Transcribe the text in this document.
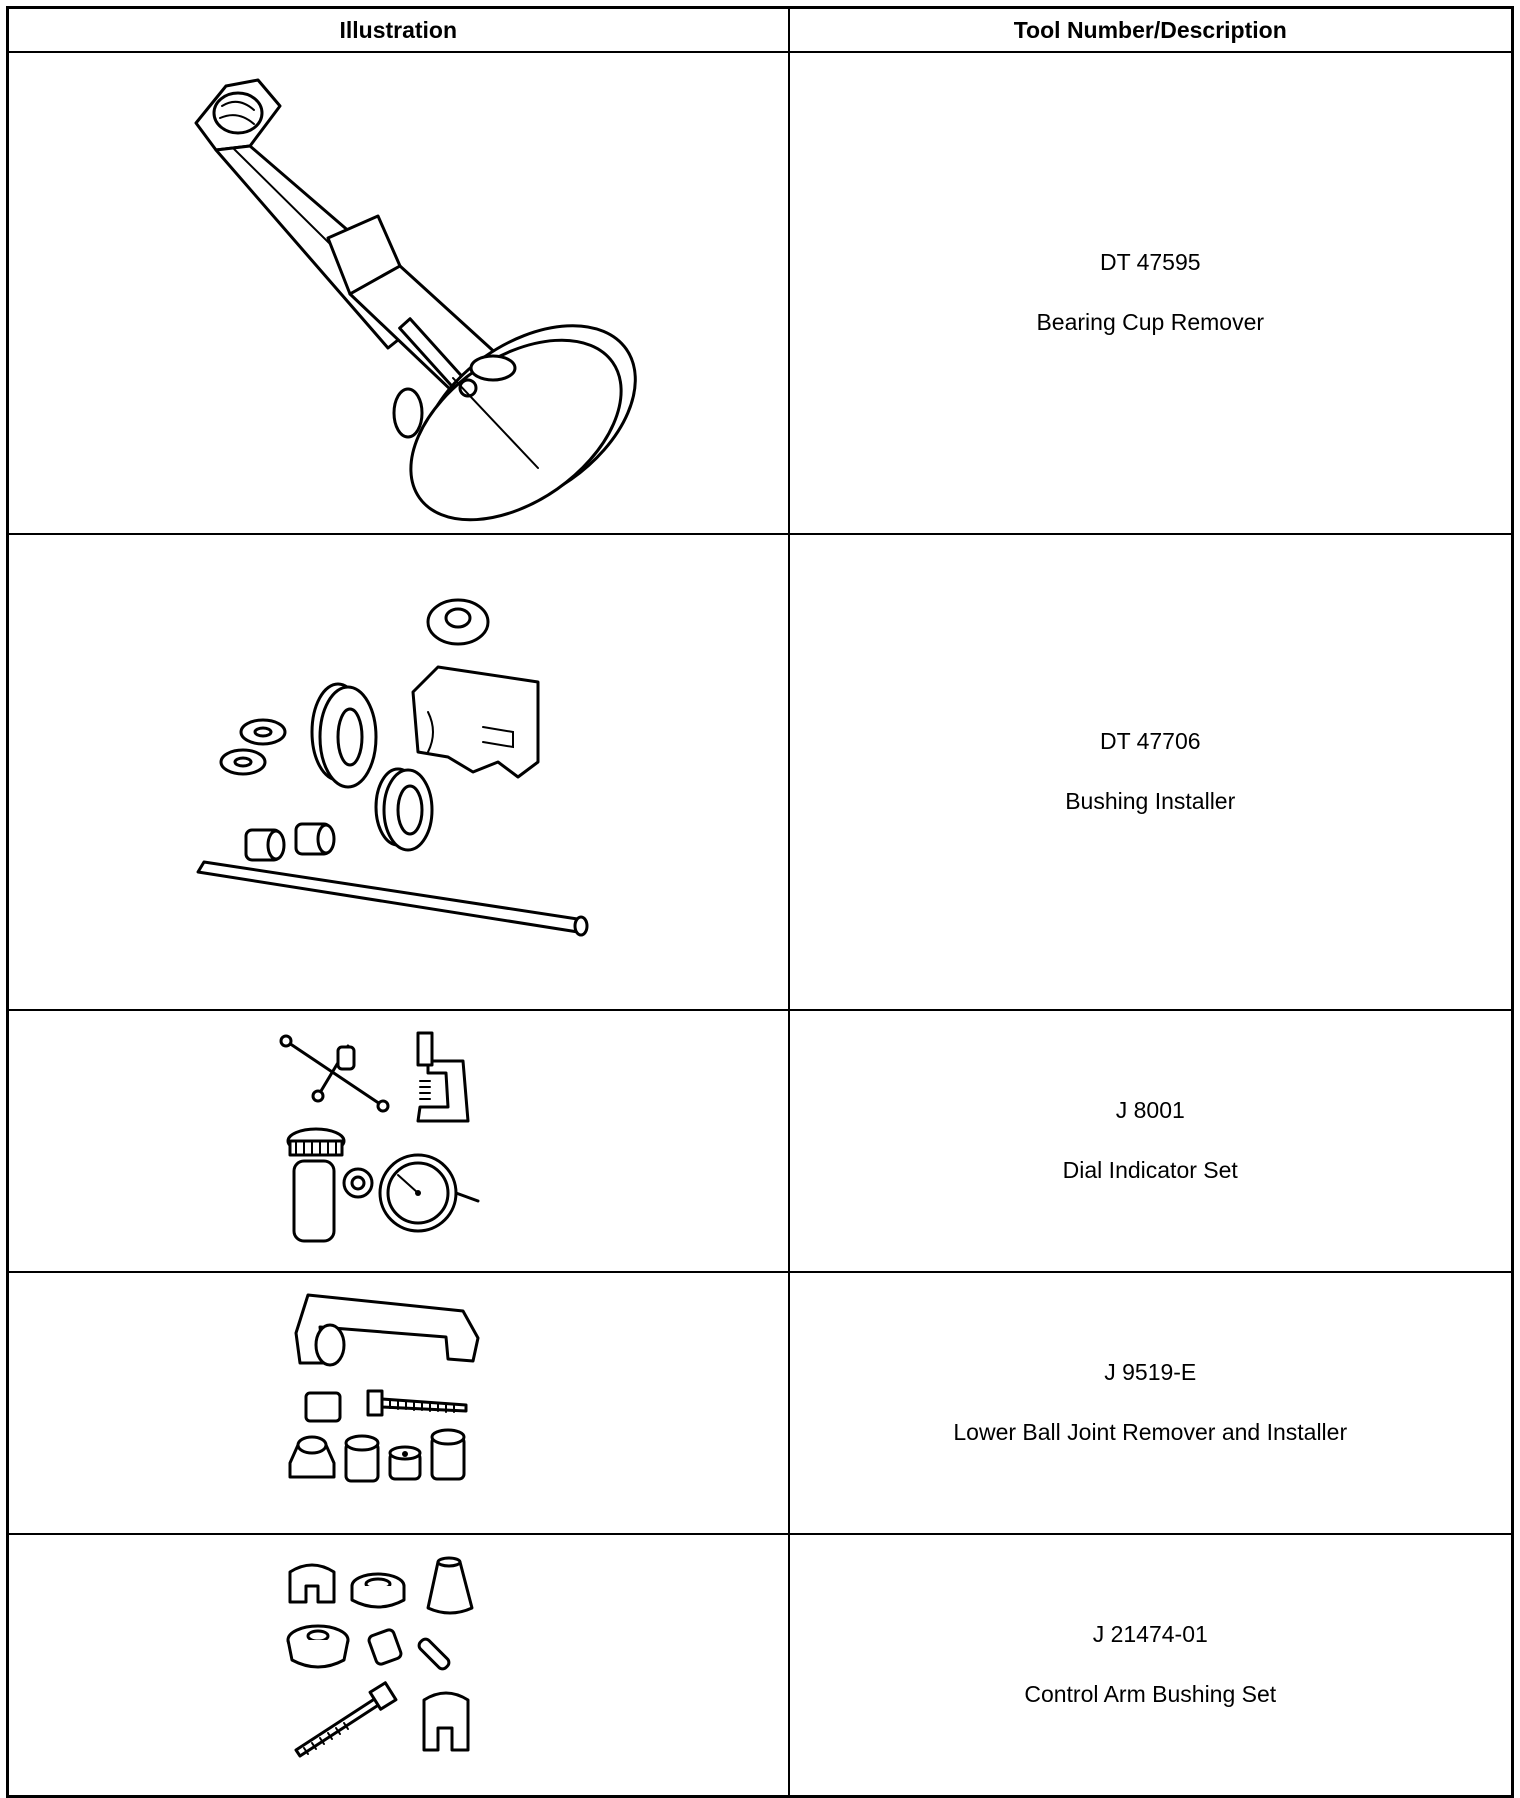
Illustration	Tool Number/Description

DT 47595
Bearing Cup Remover

DT 47706
Bushing Installer

J 8001
Dial Indicator Set

J 9519-E
Lower Ball Joint Remover and Installer

J 21474-01
Control Arm Bushing Set
